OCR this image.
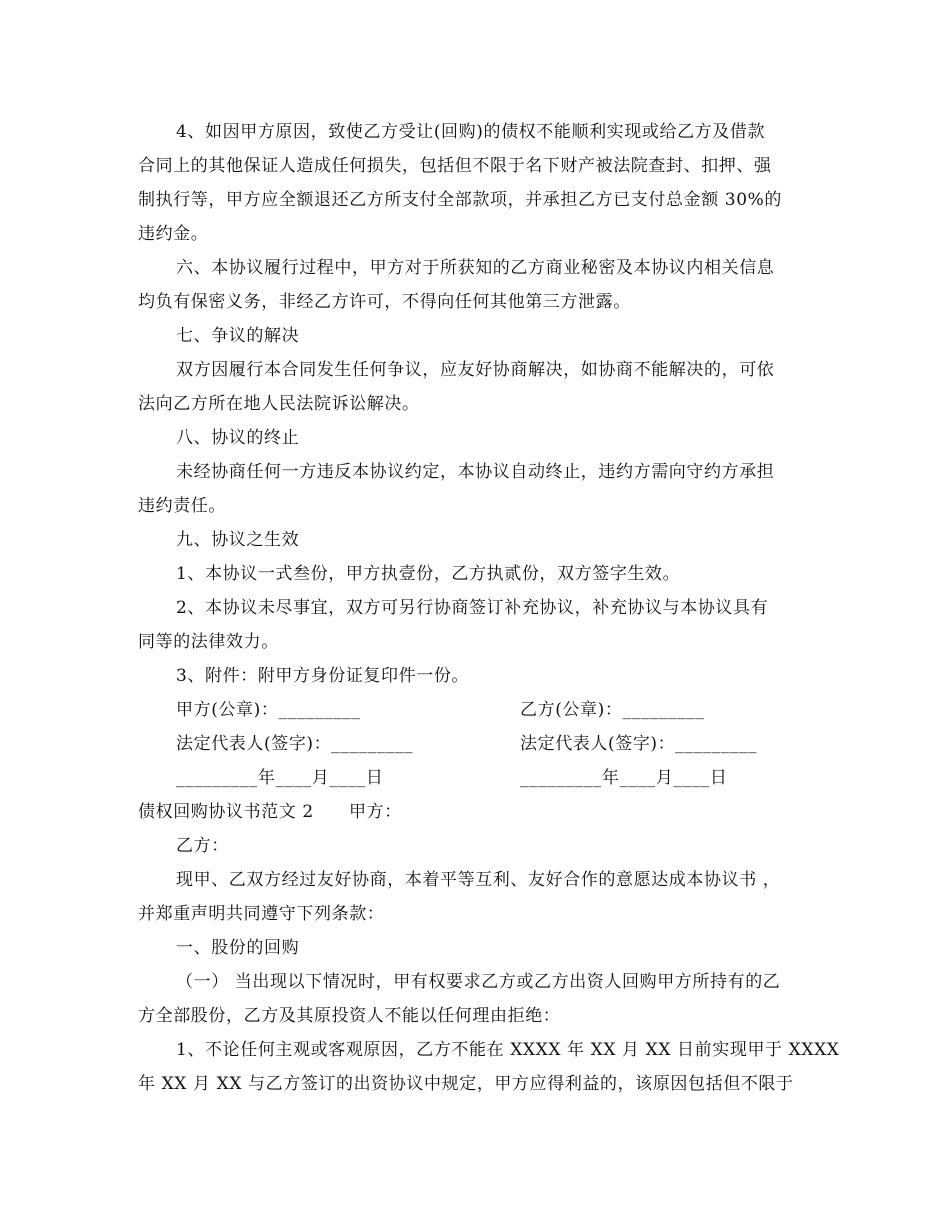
4、如因甲方原因，致使乙方受让(回购)的债权不能顺利实现或给乙方及借款
合同上的其他保证人造成任何损失，包括但不限于名下财产被法院查封、扣押、强
制执行等，甲方应全额退还乙方所支付全部款项，并承担乙方已支付总金额 30%的
违约金。
六、本协议履行过程中，甲方对于所获知的乙方商业秘密及本协议内相关信息
均负有保密义务，非经乙方许可，不得向任何其他第三方泄露。
七、争议的解决
双方因履行本合同发生任何争议，应友好协商解决，如协商不能解决的，可依
法向乙方所在地人民法院诉讼解决。
八、协议的终止
未经协商任何一方违反本协议约定，本协议自动终止，违约方需向守约方承担
违约责任。
九、协议之生效
1、本协议一式叁份，甲方执壹份，乙方执贰份，双方签字生效。
2、本协议未尽事宜，双方可另行协商签订补充协议，补充协议与本协议具有
同等的法律效力。
3、附件：附甲方身份证复印件一份。
甲方(公章)：_________	乙方(公章)：_________
法定代表人(签字)：_________	法定代表人(签字)：_________
_________年____月____日	_________年____月____日
债权回购协议书范文 2　　甲方：
乙方：
现甲、乙双方经过友好协商，本着平等互利、友好合作的意愿达成本协议书 ，
并郑重声明共同遵守下列条款：
一、股份的回购
（一） 当出现以下情况时，甲有权要求乙方或乙方出资人回购甲方所持有的乙
方全部股份，乙方及其原投资人不能以任何理由拒绝：
1、不论任何主观或客观原因，乙方不能在 XXXX 年 XX 月 XX 日前实现甲于 XXXX
年 XX 月 XX 与乙方签订的出资协议中规定，甲方应得利益的，该原因包括但不限于
